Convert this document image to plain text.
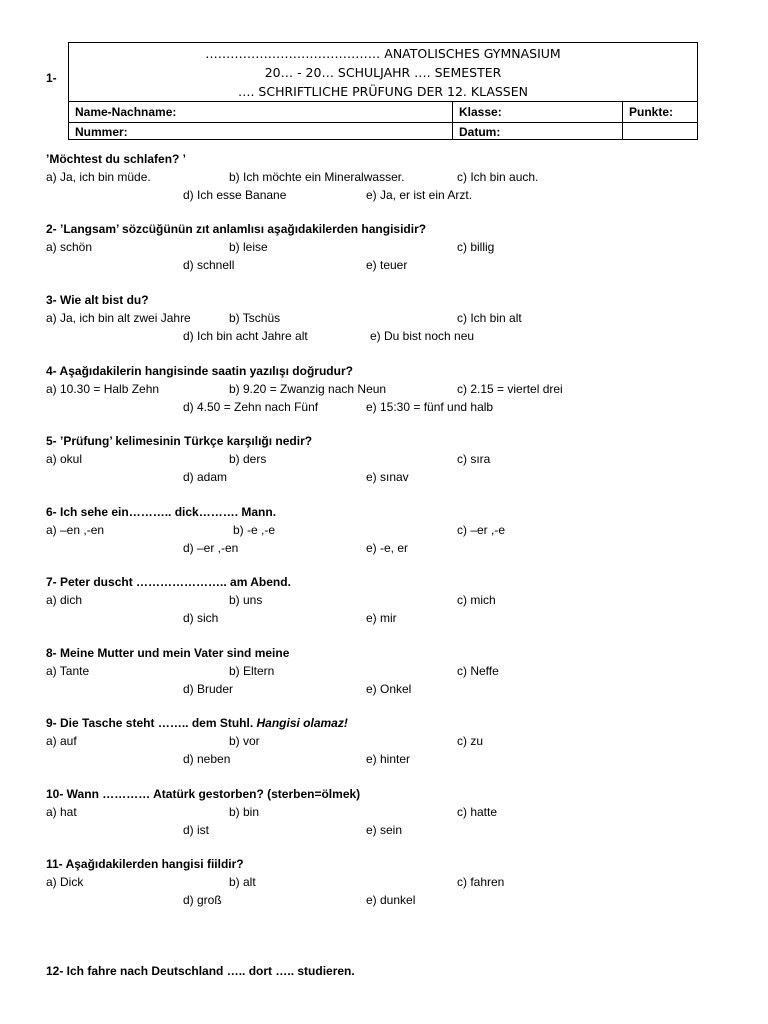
1-
…………………………………… ANATOLISCHES GYMNASIUM
20… - 20… SCHULJAHR …. SEMESTER
…. SCHRIFTLICHE PRÜFUNG DER 12. KLASSEN
Name-Nachname:	Klasse:	Punkte:
Nummer:	Datum:
’Möchtest du schlafen? ’
a) Ja, ich bin müde.	b) Ich möchte ein Mineralwasser.	c) Ich bin auch.
d) Ich esse Banane	e) Ja, er ist ein Arzt.
2- ’Langsam’ sözcüğünün zıt anlamlısı aşağıdakilerden hangisidir?
a) schön	b) leise	c) billig
d) schnell	e) teuer
3- Wie alt bist du?
a) Ja, ich bin alt zwei Jahre	b) Tschüs	c) Ich bin alt
d) Ich bin acht Jahre alt	e) Du bist noch neu
4- Aşağıdakilerin hangisinde saatin yazılışı doğrudur?
a) 10.30 = Halb Zehn	b) 9.20 = Zwanzig nach Neun	c) 2.15 = viertel drei
d) 4.50 = Zehn nach Fünf	e) 15:30 = fünf und halb
5- ’Prüfung’ kelimesinin Türkçe karşılığı nedir?
a) okul	b) ders	c) sıra
d) adam	e) sınav
6- Ich sehe ein……….. dick………. Mann.
a) –en ,-en	b) -e ,-e	c) –er ,-e
d) –er ,-en	e) -e, er
7- Peter duscht ………………….. am Abend.
a) dich	b) uns	c) mich
d) sich	e) mir
8- Meine Mutter und mein Vater sind meine
a) Tante	b) Eltern	c) Neffe
d) Bruder	e) Onkel
9- Die Tasche steht …….. dem Stuhl. Hangisi olamaz!
a) auf	b) vor	c) zu
d) neben	e) hinter
10- Wann ………… Atatürk gestorben? (sterben=ölmek)
a) hat	b) bin	c) hatte
d) ist	e) sein
11- Aşağıdakilerden hangisi fiildir?
a) Dick	b) alt	c) fahren
d) groß	e) dunkel
12- Ich fahre nach Deutschland ….. dort ….. studieren.
